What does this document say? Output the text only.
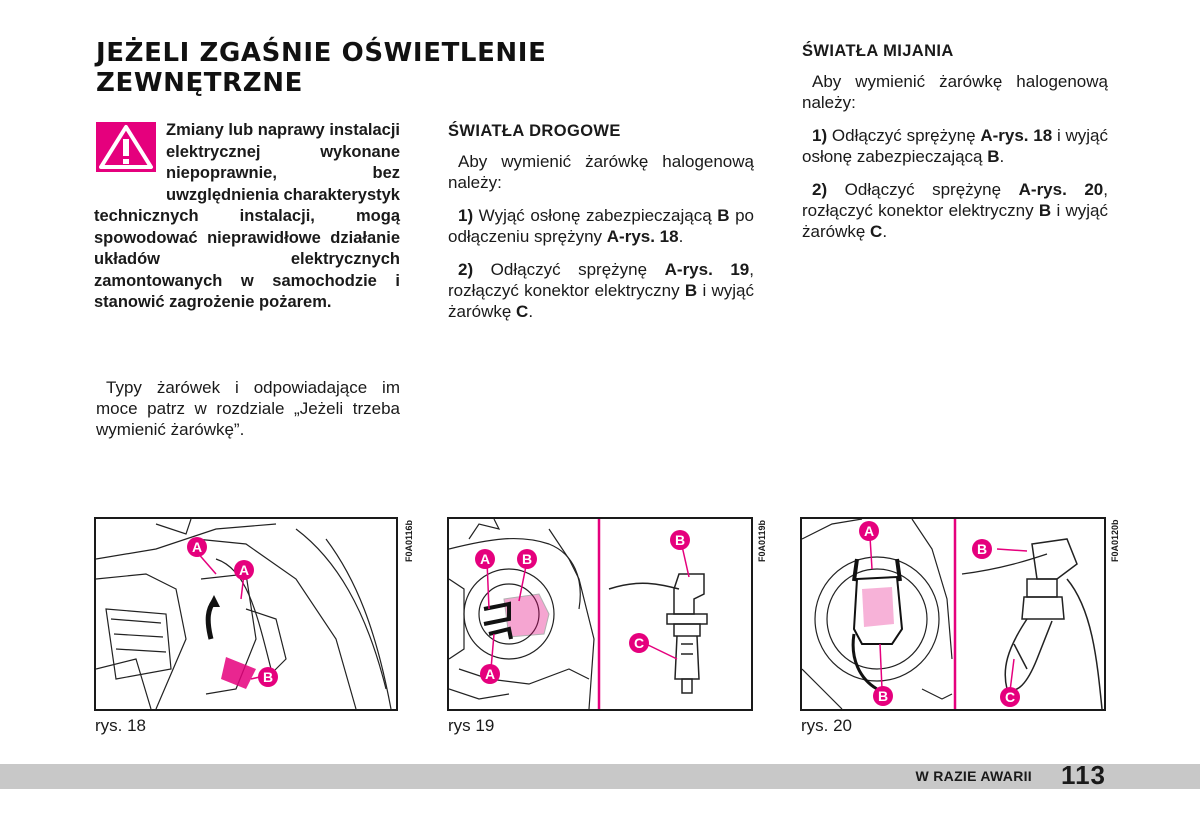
JEŻELI ZGAŚNIE OŚWIETLENIE ZEWNĘTRZNE
Zmiany lub naprawy instalacji elektrycznej wykonane niepoprawnie, bez uwzględnienia charakterystyk technicznych instalacji, mogą spowodować nieprawidłowe działanie układów elektrycznych zamontowanych w samochodzie i stanowić zagrożenie pożarem.
Typy żarówek i odpowiadające im moce patrz w rozdziale „Jeżeli trzeba wymienić żarówkę”.
ŚWIATŁA DROGOWE

Aby wymienić żarówkę halogenową należy:

1) Wyjąć osłonę zabezpieczającą B po odłączeniu sprężyny A-rys. 18.

2) Odłączyć sprężynę A-rys. 19, rozłączyć konektor elektryczny B i wyjąć żarówkę C.

ŚWIATŁA MIJANIA

Aby wymienić żarówkę halogenową należy:

1) Odłączyć sprężynę A-rys. 18 i wyjąć osłonę zabezpieczającą B.

2) Odłączyć sprężynę A-rys. 20, rozłączyć konektor elektryczny B i wyjąć żarówkę C.

A
A
B
F0A0116b
rys. 18
A B
A
B
C
F0A0119b
rys 19
A
B
B	C
F0A0120b
rys. 20
W RAZIE AWARII 113
